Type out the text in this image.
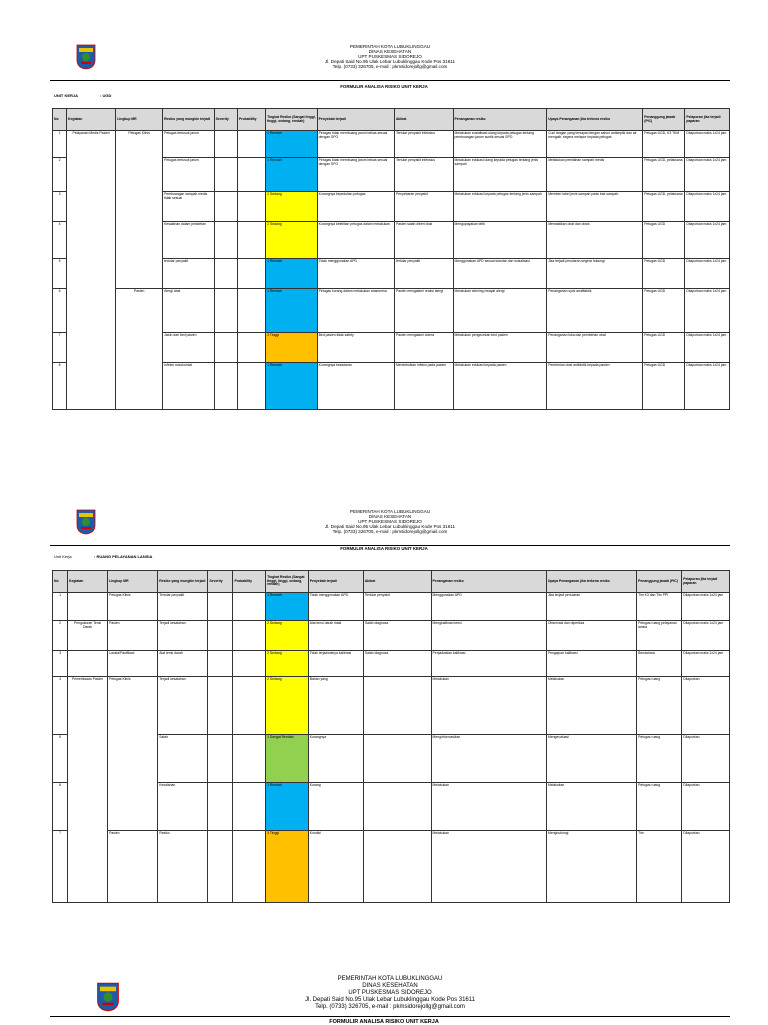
PEMERINTAH KOTA LUBUKLINGGAU
DINAS KESEHATAN
UPT PUSKESMAS SIDOREJO
Jl. Depati Said No.95 Ulak Lebar Lubuklinggau Kode Pos 31611
Telp. (0733) 326705, e-mail : pkmsidorejollg@gmail.com
FORMULIR ANALISA RISIKO UNIT KERJA
UNIT KERJA	: UGD
No	Kegiatan	Lingkup MR	Resiko yang mungkin terjadi	Severity	Probability	Tingkat Resiko (Sangat tinggi, tinggi, sedang, rendah)	Penyebab terjadi	Akibat	Penanganan resiko	Upaya Penanganan jika terkena resiko	Penanggung jawab (PIC)	Pelaporan jika terjadi paparan
1	Pelayanan Medis Pasien	Petugas Klinis	Petugas tertusuk jarum			1 Rendah	Petugas tidak membuang jarum bekas sesuai dengan SPO	Tertular penyakit infeksius	Melakukan sosialisasi ulang kepada petugas tentang pembuangan jarum suntik sesuai SPO	Cuci tangan yang tersayat dengan sabun antiseptik dan air mengalir, segera melapor kepada petugas	Petugas UGD, K3 TKM	Dilaporkan maks 1x24 jam
2			Petugas tertusuk jarum			1 Rendah	Petugas tidak membuang jarum bekas sesuai dengan SPO	Tertular penyakit infeksius	Melakukan edukasi ulang kepada petugas tentang jenis sampah	Melakukan pemilahan sampah medis	Petugas UGD, pelaksana	Dilaporkan maks 1x24 jam
3			Pembuangan sampah medis tidak sesuai			2 Sedang	Kurangnya kepedulian petugas	Penyebaran penyakit	Melakukan edukasi kepada petugas tentang jenis sampah	Memberi label jenis sampah pada bak sampah	Petugas UGD, pelaksana	Dilaporkan maks 1x24 jam
4			Kesalahan dalam pelabelan			2 Sedang	Kurangnya ketelitian petugas dalam melakukan	Pasien salah diberi obat	Mengupayakan teliti	Memastikan obat dan dosis	Petugas UGD	Dilaporkan maks 1x24 jam
5			tertular penyakit			1 Rendah	Tidak menggunakan APD	tertular penyakit	Menggunakan APD sesuai standar dan sosialisasi	Jika terjadi penularan segera hubungi	Petugas UGD	Dilaporkan maks 1x24 jam
6		Pasien	Alergi obat			1 Rendah	Petugas kurang dalam melakukan anamnesa	Pasien mengalami reaksi alergi	Melakukan skrining riwayat alergi	Penanganan syok anafilaktik	Petugas UGD	Dilaporkan maks 1x24 jam
7			Jatuh dari bed pasien			3 Tinggi	Bed pasien tidak safety	Pasien mengalami cidera	Melakukan pengecekan bed pasien	Penanganan luka dan pemberian obat	Petugas UGD	Dilaporkan maks 1x24 jam
8			Infeksi nosokomial			1 Rendah	Kurangnya kesadaran	Menimbulkan infeksi pada pasien	Melakukan edukasi kepada pasien	Pemberian obat antibiotik kepada pasien	Petugas UGD	Dilaporkan maks 1x24 jam
PEMERINTAH KOTA LUBUKLINGGAU
DINAS KESEHATAN
UPT PUSKESMAS SIDOREJO
Jl. Depati Said No.95 Ulak Lebar Lubuklinggau Kode Pos 31611
Telp. (0733) 326705, e-mail : pkmsidorejollg@gmail.com
FORMULIR ANALISA RISIKO UNIT KERJA
Unit Kerja	: RUANG PELAYANAN LANSIA
No	Kegiatan	Lingkup MR	Resiko yang mungkin terjadi	Severity	Probability	Tingkat Resiko (Sangat tinggi, tinggi, sedang, rendah)	Penyebab terjadi	Akibat	Penanganan resiko	Upaya Penanganan jika terkena resiko	Penanggung jawab (PIC)	Pelaporan jika terjadi paparan
1		Petugas Klinis	Tertular penyakit			1 Rendah	Tidak menggunakan APD	Tertular penyakit	Menggunakan APD	Jika terjadi penularan	Tim K3 dan Tim PPI	Dilaporkan maks 1x24 jam
2	Pengukuran Tensi Darah	Pasien	Terjadi kesalahan			2 Sedang	Alat tensi darah tidak	Salah diagnosa	Mengkalibrasi tensi	Observasi dan diperiksa	Petugas ruang pelayanan lansia	Dilaporkan maks 1x24 jam
3		Lansia/Pasifikasi	Alat tensi darah			2 Sedang	Tidak terjadwalnya kalibrasi	Salah diagnosa	Penjadwalan kalibrasi	Pengajuan kalibrasi	Bendahara	Dilaporkan maks 1x24 jam
4	Pemeriksaan Pasien	Petugas Klinis	Terjadi kesalahan			2 Sedang	Bahan yang		Melakukan	Melakukan	Petugas ruang	Dilaporkan
5			Salah			1 Sangat Rendah	Kurangnya		Menginformasikan	Mengevaluasi	Petugas ruang	Dilaporkan
6			Kesalahan			1 Rendah	Kurang		Melakukan	Melakukan	Petugas ruang	Dilaporkan
7		Pasien	Resiko			3 Tinggi	Kondisi		Melakukan	Menghubungi	Tim	Dilaporkan
PEMERINTAH KOTA LUBUKLINGGAU
DINAS KESEHATAN
UPT PUSKESMAS SIDOREJO
Jl. Depati Said No.95 Ulak Lebar Lubuklinggau Kode Pos 31611
Telp. (0733) 326705, e-mail : pkmsidorejollg@gmail.com
FORMULIR ANALISA RISIKO UNIT KERJA
